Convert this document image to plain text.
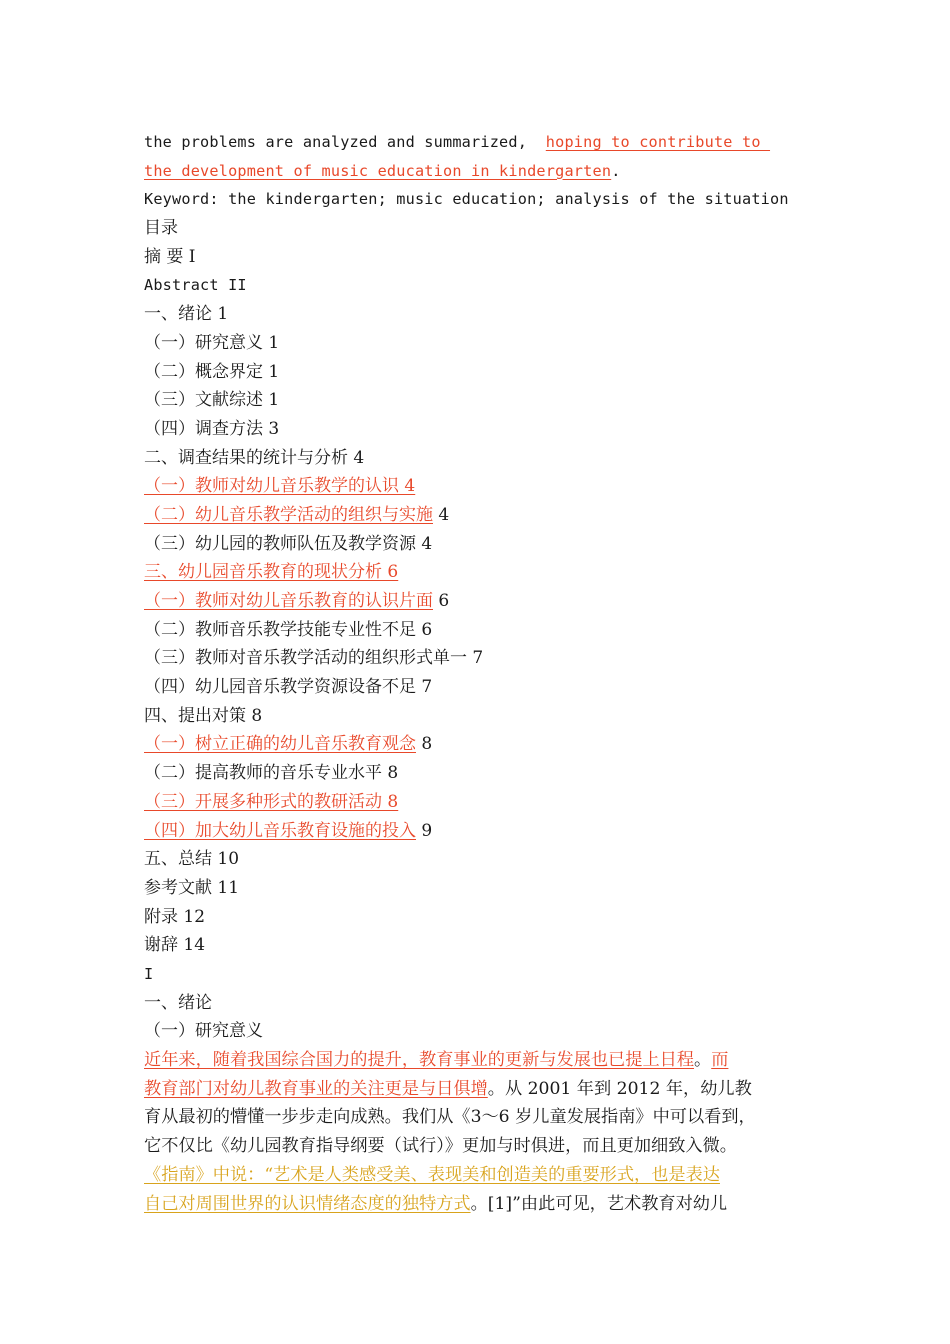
the problems are analyzed and summarized,  hoping to contribute to
the development of music education in kindergarten.
Keyword: the kindergarten; music education; analysis of the situation
目录
摘 要 I
Abstract II
一、绪论 1
（一）研究意义 1
（二）概念界定 1
（三）文献综述 1
（四）调查方法 3
二、调查结果的统计与分析 4
（一）教师对幼儿音乐教学的认识 4
（二）幼儿音乐教学活动的组织与实施 4
（三）幼儿园的教师队伍及教学资源 4
三、幼儿园音乐教育的现状分析 6
（一）教师对幼儿音乐教育的认识片面 6
（二）教师音乐教学技能专业性不足 6
（三）教师对音乐教学活动的组织形式单一 7
（四）幼儿园音乐教学资源设备不足 7
四、提出对策 8
（一）树立正确的幼儿音乐教育观念 8
（二）提高教师的音乐专业水平 8
（三）开展多种形式的教研活动 8
（四）加大幼儿音乐教育设施的投入 9
五、总结 10
参考文献 11
附录 12
谢辞 14
I
一、绪论
（一）研究意义
近年来，随着我国综合国力的提升，教育事业的更新与发展也已提上日程。而
教育部门对幼儿教育事业的关注更是与日俱增。从 2001 年到 2012 年，幼儿教
育从最初的懵懂一步步走向成熟。我们从《3～6 岁儿童发展指南》中可以看到，
它不仅比《幼儿园教育指导纲要（试行）》更加与时俱进，而且更加细致入微。
《指南》中说：“艺术是人类感受美、表现美和创造美的重要形式，也是表达
自己对周围世界的认识情绪态度的独特方式。[1]”由此可见，艺术教育对幼儿
